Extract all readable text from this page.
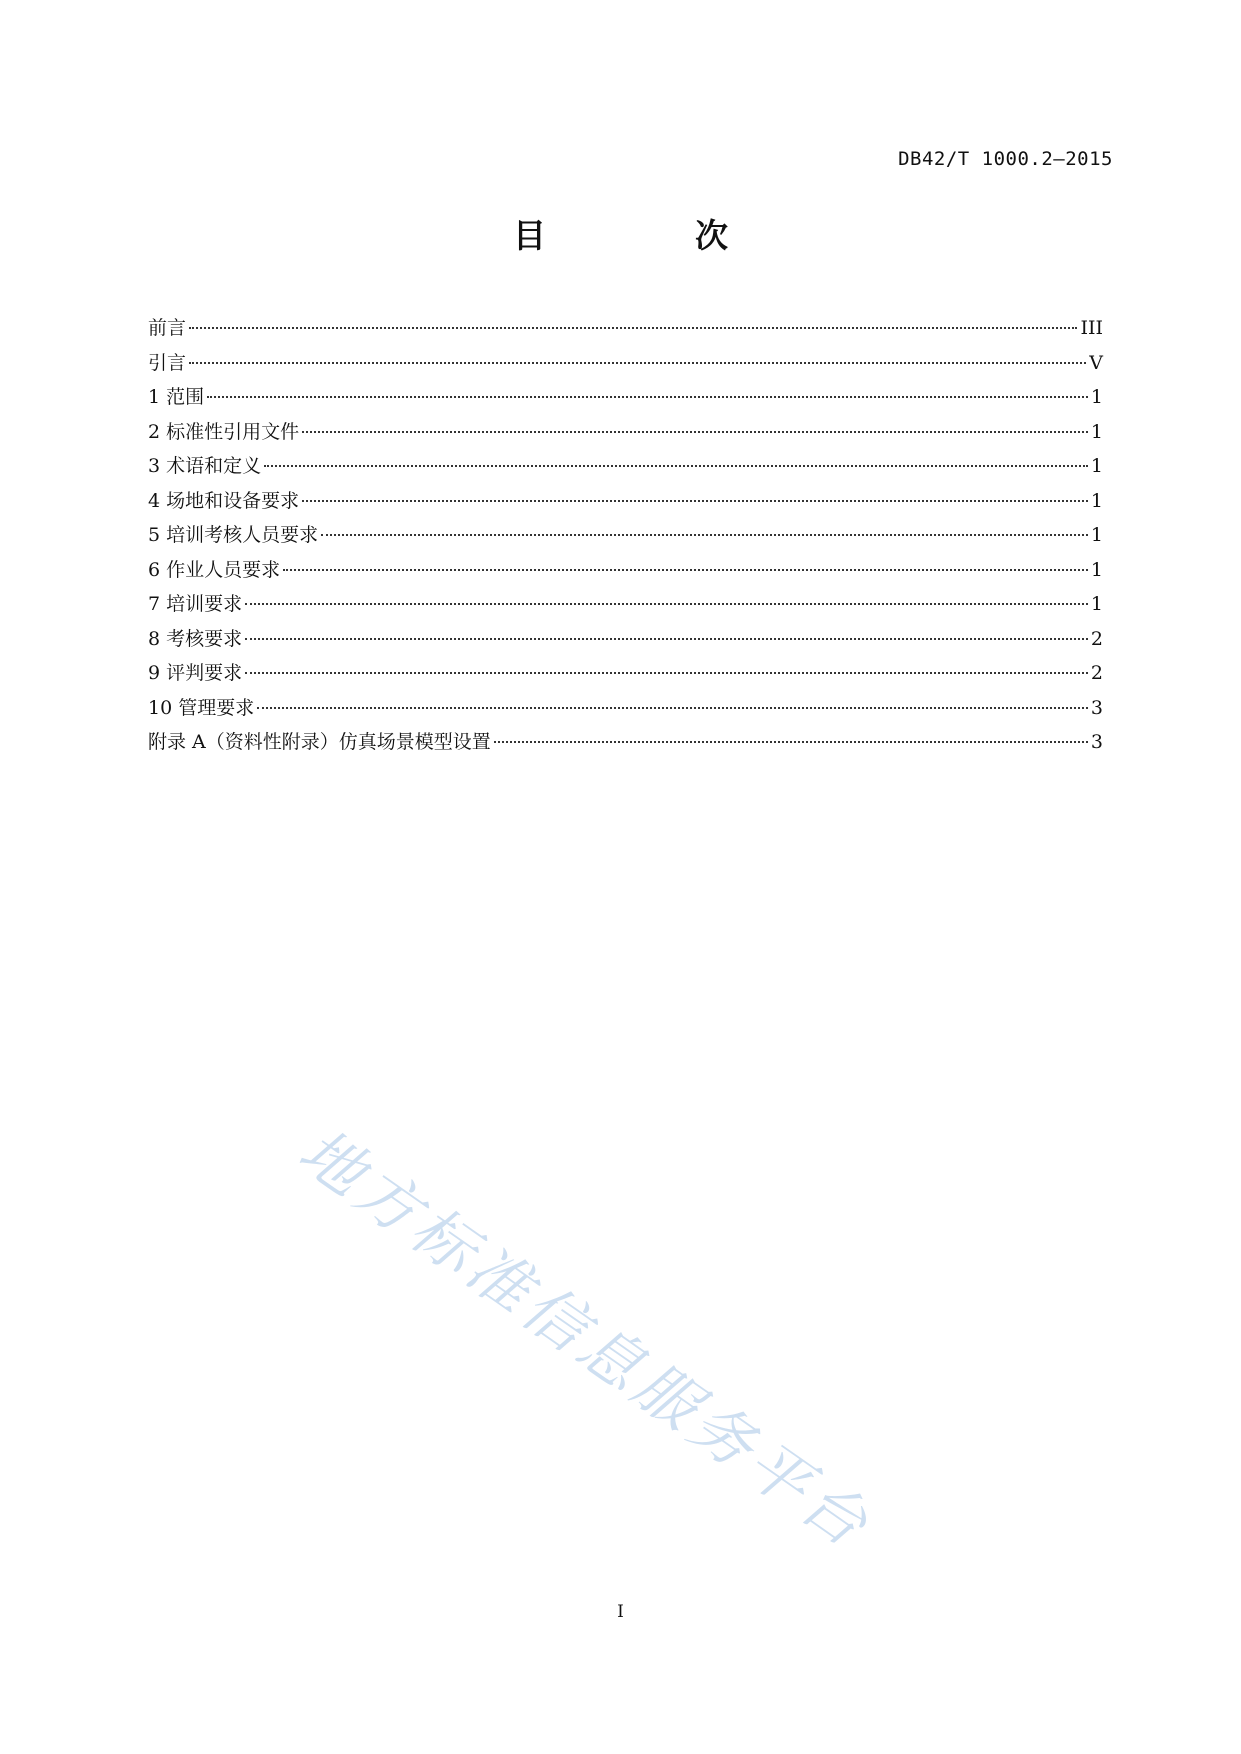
DB42/T 1000.2—2015
目　次
前言	III
引言	V
1 范围	1
2 标准性引用文件	1
3 术语和定义	1
4 场地和设备要求	1
5 培训考核人员要求	1
6 作业人员要求	1
7 培训要求	1
8 考核要求	2
9 评判要求	2
10 管理要求	3
附录 A（资料性附录）仿真场景模型设置	3
地方标准信息服务平台
I
